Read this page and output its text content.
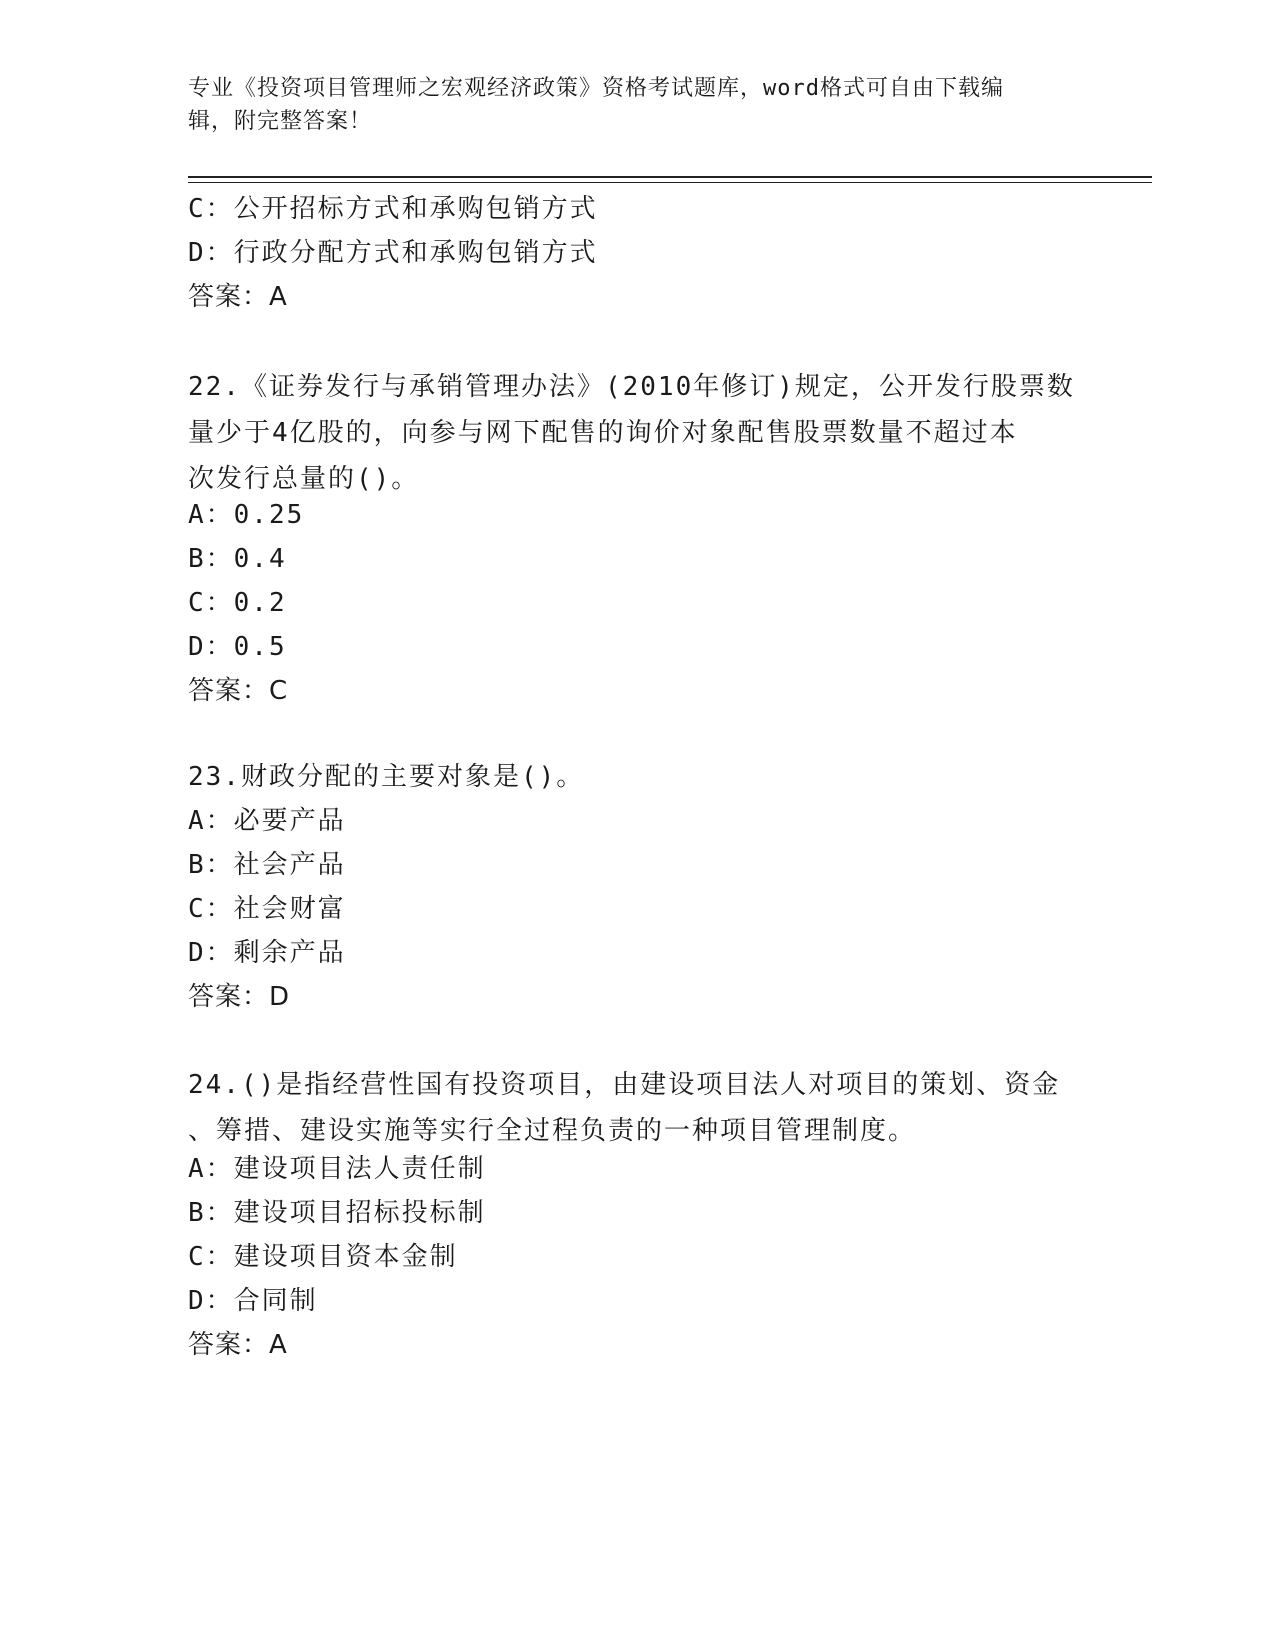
专业《投资项目管理师之宏观经济政策》资格考试题库，word格式可自由下载编
辑，附完整答案！
C：公开招标方式和承购包销方式
D：行政分配方式和承购包销方式
答案：A
22.《证券发行与承销管理办法》(2010年修订)规定，公开发行股票数
量少于4亿股的，向参与网下配售的询价对象配售股票数量不超过本
次发行总量的()。
A：0.25
B：0.4
C：0.2
D：0.5
答案：C
23.财政分配的主要对象是()。
A：必要产品
B：社会产品
C：社会财富
D：剩余产品
答案：D
24.()是指经营性国有投资项目，由建设项目法人对项目的策划、资金
、筹措、建设实施等实行全过程负责的一种项目管理制度。
A：建设项目法人责任制
B：建设项目招标投标制
C：建设项目资本金制
D：合同制
答案：A
